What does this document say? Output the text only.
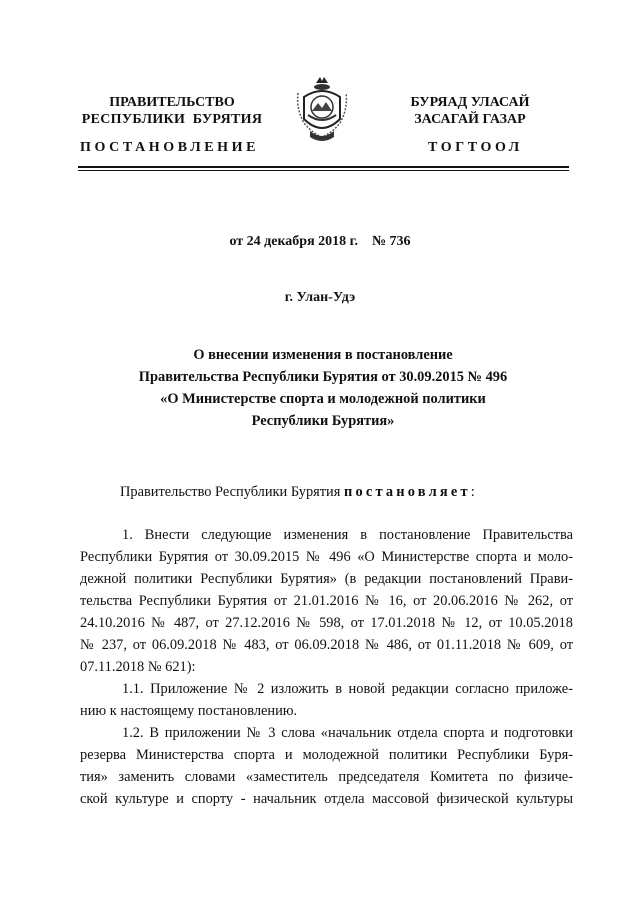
ПРАВИТЕЛЬСТВО
РЕСПУБЛИКИ  БУРЯТИЯ
БУРЯАД УЛАСАЙ
ЗАСАГАЙ ГАЗАР
ПОСТАНОВЛЕНИЕ	ТОГТООЛ
от 24 декабря 2018 г. № 736
г. Улан-Удэ
О внесении изменения в постановление
Правительства Республики Бурятия от 30.09.2015 № 496
«О Министерстве спорта и молодежной политики
Республики Бурятия»
Правительство Республики Бурятия постановляет:
1. Внести следующие изменения в постановление Правительства
Республики Бурятия от 30.09.2015 № 496 «О Министерстве спорта и моло-
дежной политики Республики Бурятия» (в редакции постановлений Прави-
тельства Республики Бурятия от 21.01.2016 № 16, от 20.06.2016 № 262, от
24.10.2016 № 487, от 27.12.2016 № 598, от 17.01.2018 № 12, от 10.05.2018
№ 237, от 06.09.2018 № 483, от 06.09.2018 № 486, от 01.11.2018 № 609, от
07.11.2018 № 621):
1.1. Приложение № 2 изложить в новой редакции согласно приложе-
нию к настоящему постановлению.
1.2. В приложении № 3 слова «начальник отдела спорта и подготовки
резерва Министерства спорта и молодежной политики Республики Буря-
тия» заменить словами «заместитель председателя Комитета по физиче-
ской культуре и спорту - начальник отдела массовой физической культуры
